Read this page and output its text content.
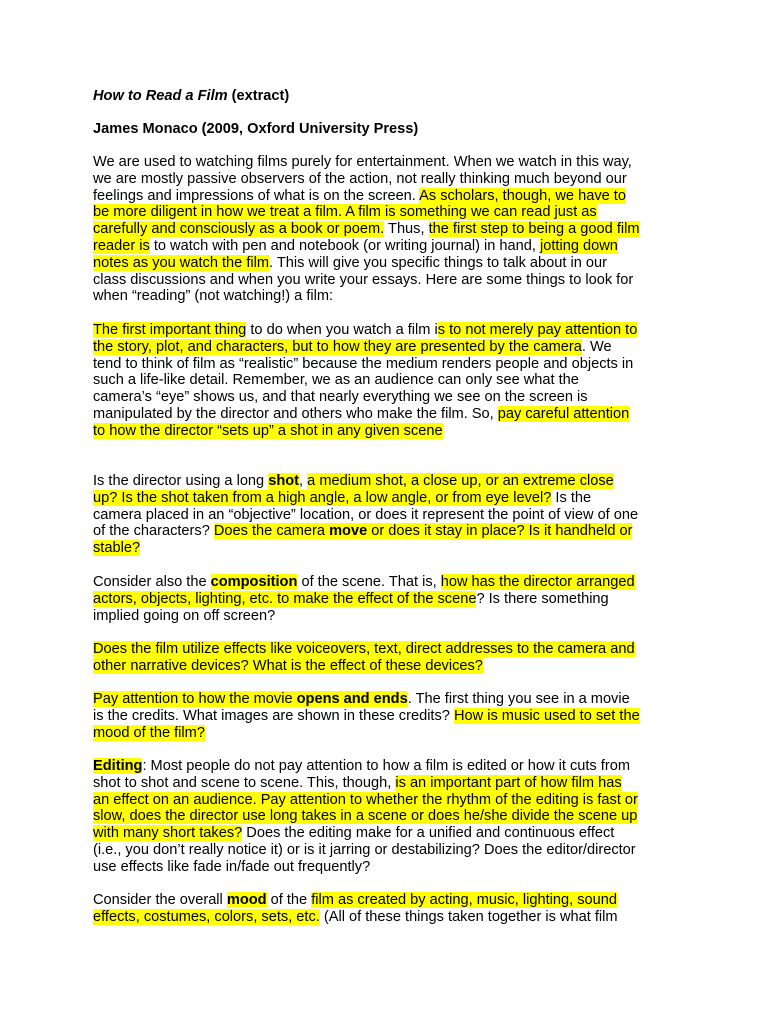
How to Read a Film (extract)
James Monaco (2009, Oxford University Press)
We are used to watching films purely for entertainment. When we watch in this way,
we are mostly passive observers of the action, not really thinking much beyond our
feelings and impressions of what is on the screen. As scholars, though, we have to
be more diligent in how we treat a film. A film is something we can read just as
carefully and consciously as a book or poem. Thus, the first step to being a good film
reader is to watch with pen and notebook (or writing journal) in hand, jotting down
notes as you watch the film. This will give you specific things to talk about in our
class discussions and when you write your essays. Here are some things to look for
when “reading” (not watching!) a film:
The first important thing to do when you watch a film is to not merely pay attention to
the story, plot, and characters, but to how they are presented by the camera. We
tend to think of film as “realistic” because the medium renders people and objects in
such a life-like detail. Remember, we as an audience can only see what the
camera’s “eye” shows us, and that nearly everything we see on the screen is
manipulated by the director and others who make the film. So, pay careful attention
to how the director “sets up” a shot in any given scene
Is the director using a long shot, a medium shot, a close up, or an extreme close
up? Is the shot taken from a high angle, a low angle, or from eye level? Is the
camera placed in an “objective” location, or does it represent the point of view of one
of the characters? Does the camera move or does it stay in place? Is it handheld or
stable?
Consider also the composition of the scene. That is, how has the director arranged
actors, objects, lighting, etc. to make the effect of the scene? Is there something
implied going on off screen?
Does the film utilize effects like voiceovers, text, direct addresses to the camera and
other narrative devices? What is the effect of these devices?
Pay attention to how the movie opens and ends. The first thing you see in a movie
is the credits. What images are shown in these credits? How is music used to set the
mood of the film?
Editing: Most people do not pay attention to how a film is edited or how it cuts from
shot to shot and scene to scene. This, though, is an important part of how film has
an effect on an audience. Pay attention to whether the rhythm of the editing is fast or
slow, does the director use long takes in a scene or does he/she divide the scene up
with many short takes? Does the editing make for a unified and continuous effect
(i.e., you don’t really notice it) or is it jarring or destabilizing? Does the editor/director
use effects like fade in/fade out frequently?
Consider the overall mood of the film as created by acting, music, lighting, sound
effects, costumes, colors, sets, etc. (All of these things taken together is what film
